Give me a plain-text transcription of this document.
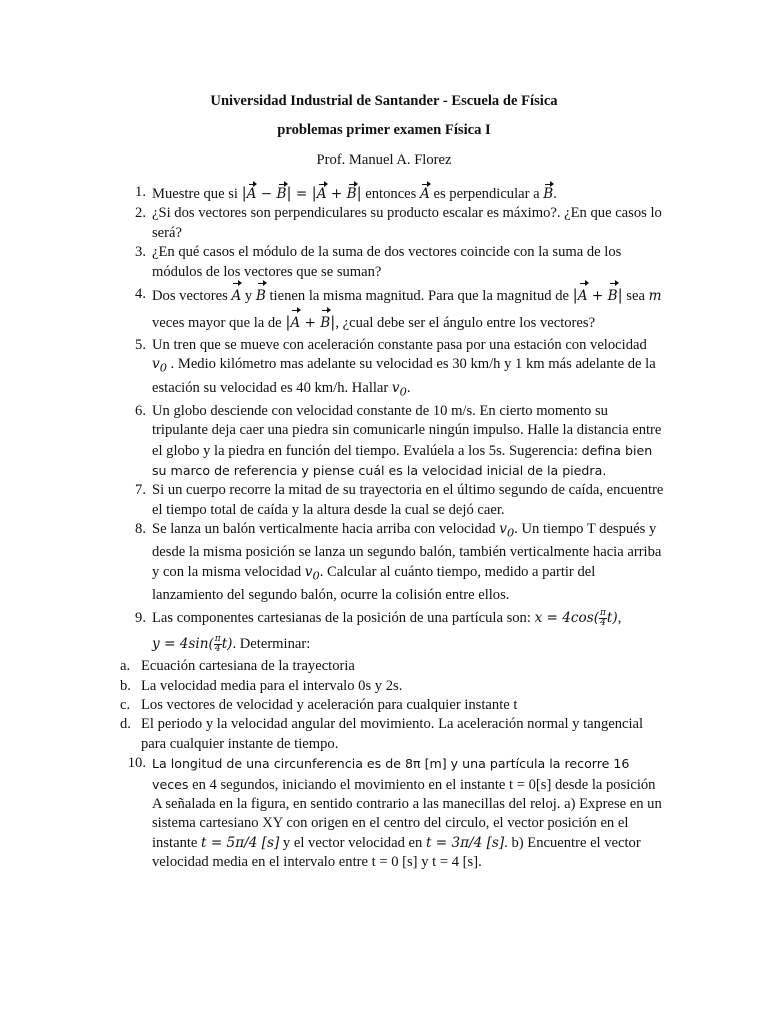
Universidad Industrial de Santander - Escuela de Física
problemas primer examen Física I
Prof. Manuel A. Florez
1. Muestre que si |A − B| = |A + B| entonces A es perpendicular a B.
2. ¿Si dos vectores son perpendiculares su producto escalar es máximo?. ¿En que casos lo será?
3. ¿En qué casos el módulo de la suma de dos vectores coincide con la suma de los módulos de los vectores que se suman?
4. Dos vectores A y B tienen la misma magnitud. Para que la magnitud de |A + B| sea m veces mayor que la de |A + B|, ¿cual debe ser el ángulo entre los vectores?
5. Un tren que se mueve con aceleración constante pasa por una estación con velocidad $v_0$ . Medio kilómetro mas adelante su velocidad es 30 km/h y 1 km más adelante de la estación su velocidad es 40 km/h. Hallar $v_0$.
6. Un globo desciende con velocidad constante de 10 m/s. En cierto momento su tripulante deja caer una piedra sin comunicarle ningún impulso. Halle la distancia entre el globo y la piedra en función del tiempo. Evalúela a los 5s. Sugerencia: defina bien su marco de referencia y piense cuál es la velocidad inicial de la piedra.
7. Si un cuerpo recorre la mitad de su trayectoria en el último segundo de caída, encuentre el tiempo total de caída y la altura desde la cual se dejó caer.
8. Se lanza un balón verticalmente hacia arriba con velocidad $v_0$. Un tiempo T después y desde la misma posición se lanza un segundo balón, también verticalmente hacia arriba y con la misma velocidad $v_0$. Calcular al cuánto tiempo, medido a partir del lanzamiento del segundo balón, ocurre la colisión entre ellos.
9. Las componentes cartesianas de la posición de una partícula son: $x = 4\cos( \frac{\pi}{4} t)$,
$y = 4\sin( \frac{\pi}{4} t)$. Determinar:
a. Ecuación cartesiana de la trayectoria
b. La velocidad media para el intervalo 0s y 2s.
c. Los vectores de velocidad y aceleración para cualquier instante t
d. El periodo y la velocidad angular del movimiento. La aceleración normal y tangencial para cualquier instante de tiempo.
10. La longitud de una circunferencia es de 8π [m] y una partícula la recorre 16 veces en 4 segundos, iniciando el movimiento en el instante t = 0[s] desde la posición A señalada en la figura, en sentido contrario a las manecillas del reloj. a) Exprese en un sistema cartesiano XY con origen en el centro del circulo, el vector posición en el instante t = 5π/4 [s] y el vector velocidad en t = 3π/4 [s]. b) Encuentre el vector velocidad media en el intervalo entre t = 0 [s] y t = 4 [s].
